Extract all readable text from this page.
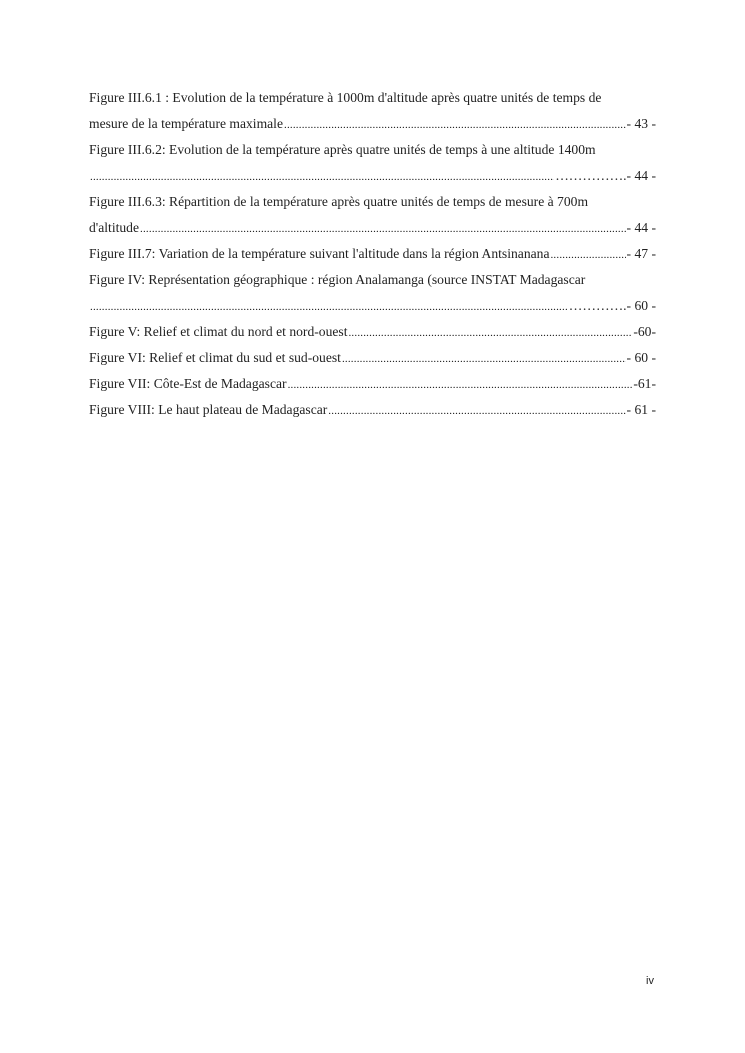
Figure III.6.1 : Evolution de la température à 1000m d'altitude après quatre unités de temps de
mesure de la température maximale .....	- 43 -
Figure III.6.2: Evolution de la température après quatre unités de temps à une altitude 1400m
.....
…………….- 44 -
Figure III.6.3: Répartition de la température après quatre unités de temps de mesure à 700m
d'altitude .....	- 44 -
Figure III.7: Variation de la température suivant l'altitude dans la région Antsinanana .....	- 47 -
Figure IV: Représentation géographique : région Analamanga (source INSTAT Madagascar
.....
………….- 60 -
Figure V: Relief et climat du nord et nord-ouest .....	-60-
Figure VI: Relief et climat du sud et sud-ouest .....	- 60 -
Figure VII: Côte-Est de Madagascar .....	-61-
Figure VIII: Le haut plateau de Madagascar .....	- 61 -
iv
